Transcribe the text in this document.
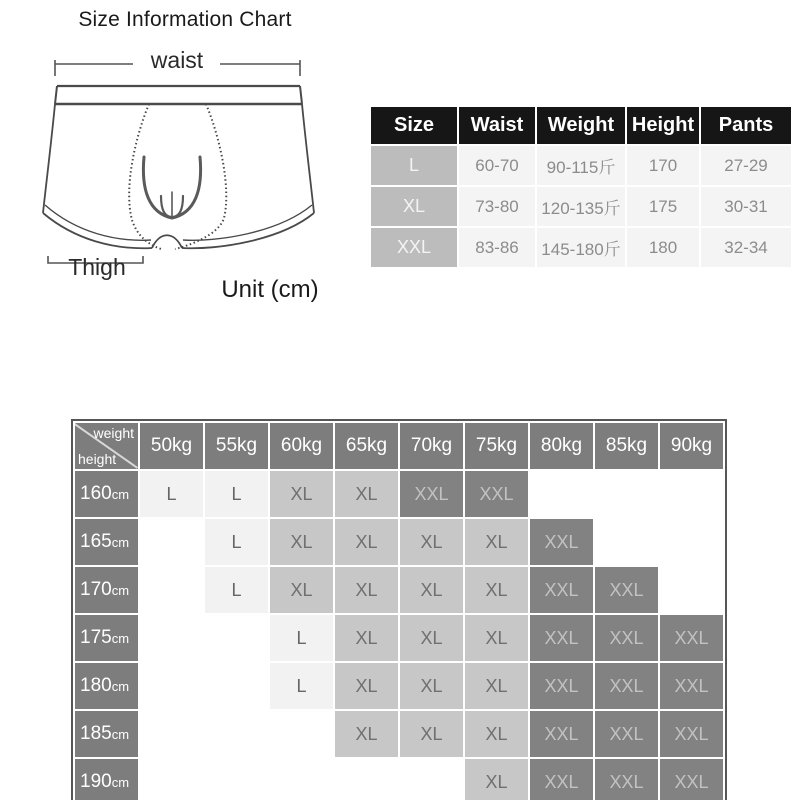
Size Information Chart
waist
Thigh
Unit (cm)
Size	Waist	Weight	Height	Pants
L	60-70	90-115斤	170	27-29
XL	73-80	120-135斤	175	30-31
XXL	83-86	145-180斤	180	32-34
weight
height	50kg	55kg	60kg	65kg	70kg	75kg	80kg	85kg	90kg
160cm	L	L	XL	XL	XXL	XXL			
165cm		L	XL	XL	XL	XL	XXL		
170cm		L	XL	XL	XL	XL	XXL	XXL	
175cm			L	XL	XL	XL	XXL	XXL	XXL
180cm			L	XL	XL	XL	XXL	XXL	XXL
185cm				XL	XL	XL	XXL	XXL	XXL
190cm						XL	XXL	XXL	XXL
